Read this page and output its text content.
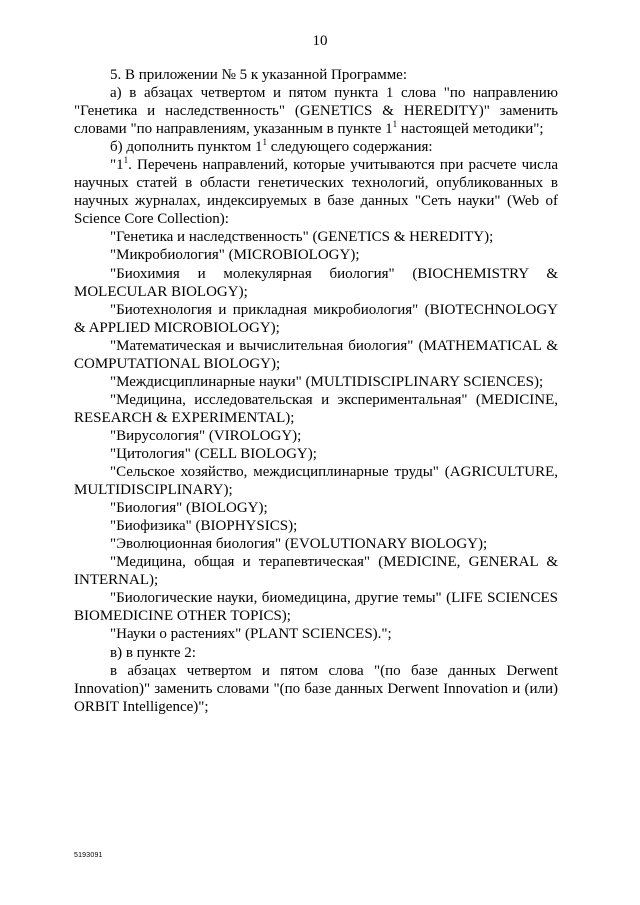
10

5. В приложении № 5 к указанной Программе:

а) в абзацах четвертом и пятом пункта 1 слова "по направлению "Генетика и наследственность" (GENETICS & HEREDITY)" заменить словами "по направлениям, указанным в пункте $1^1$ настоящей методики";

б) дополнить пунктом $1^1$ следующего содержания:

"$1^1$. Перечень направлений, которые учитываются при расчете числа научных статей в области генетических технологий, опубликованных в научных журналах, индексируемых в базе данных "Сеть науки" (Web of Science Core Collection):

"Генетика и наследственность" (GENETICS & HEREDITY);

"Микробиология" (MICROBIOLOGY);

"Биохимия и молекулярная биология" (BIOCHEMISTRY & MOLECULAR BIOLOGY);

"Биотехнология и прикладная микробиология" (BIOTECHNOLOGY & APPLIED MICROBIOLOGY);

"Математическая и вычислительная биология" (MATHEMATICAL & COMPUTATIONAL BIOLOGY);

"Междисциплинарные науки" (MULTIDISCIPLINARY SCIENCES);

"Медицина, исследовательская и экспериментальная" (MEDICINE, RESEARCH & EXPERIMENTAL);

"Вирусология" (VIROLOGY);

"Цитология" (CELL BIOLOGY);

"Сельское хозяйство, междисциплинарные труды" (AGRICULTURE, MULTIDISCIPLINARY);

"Биология" (BIOLOGY);

"Биофизика" (BIOPHYSICS);

"Эволюционная биология" (EVOLUTIONARY BIOLOGY);

"Медицина, общая и терапевтическая" (MEDICINE, GENERAL & INTERNAL);

"Биологические науки, биомедицина, другие темы" (LIFE SCIENCES BIOMEDICINE OTHER TOPICS);

"Науки о растениях" (PLANT SCIENCES).";

в) в пункте 2:

в абзацах четвертом и пятом слова "(по базе данных Derwent Innovation)" заменить словами "(по базе данных Derwent Innovation и (или) ORBIT Intelligence)";

5193091
